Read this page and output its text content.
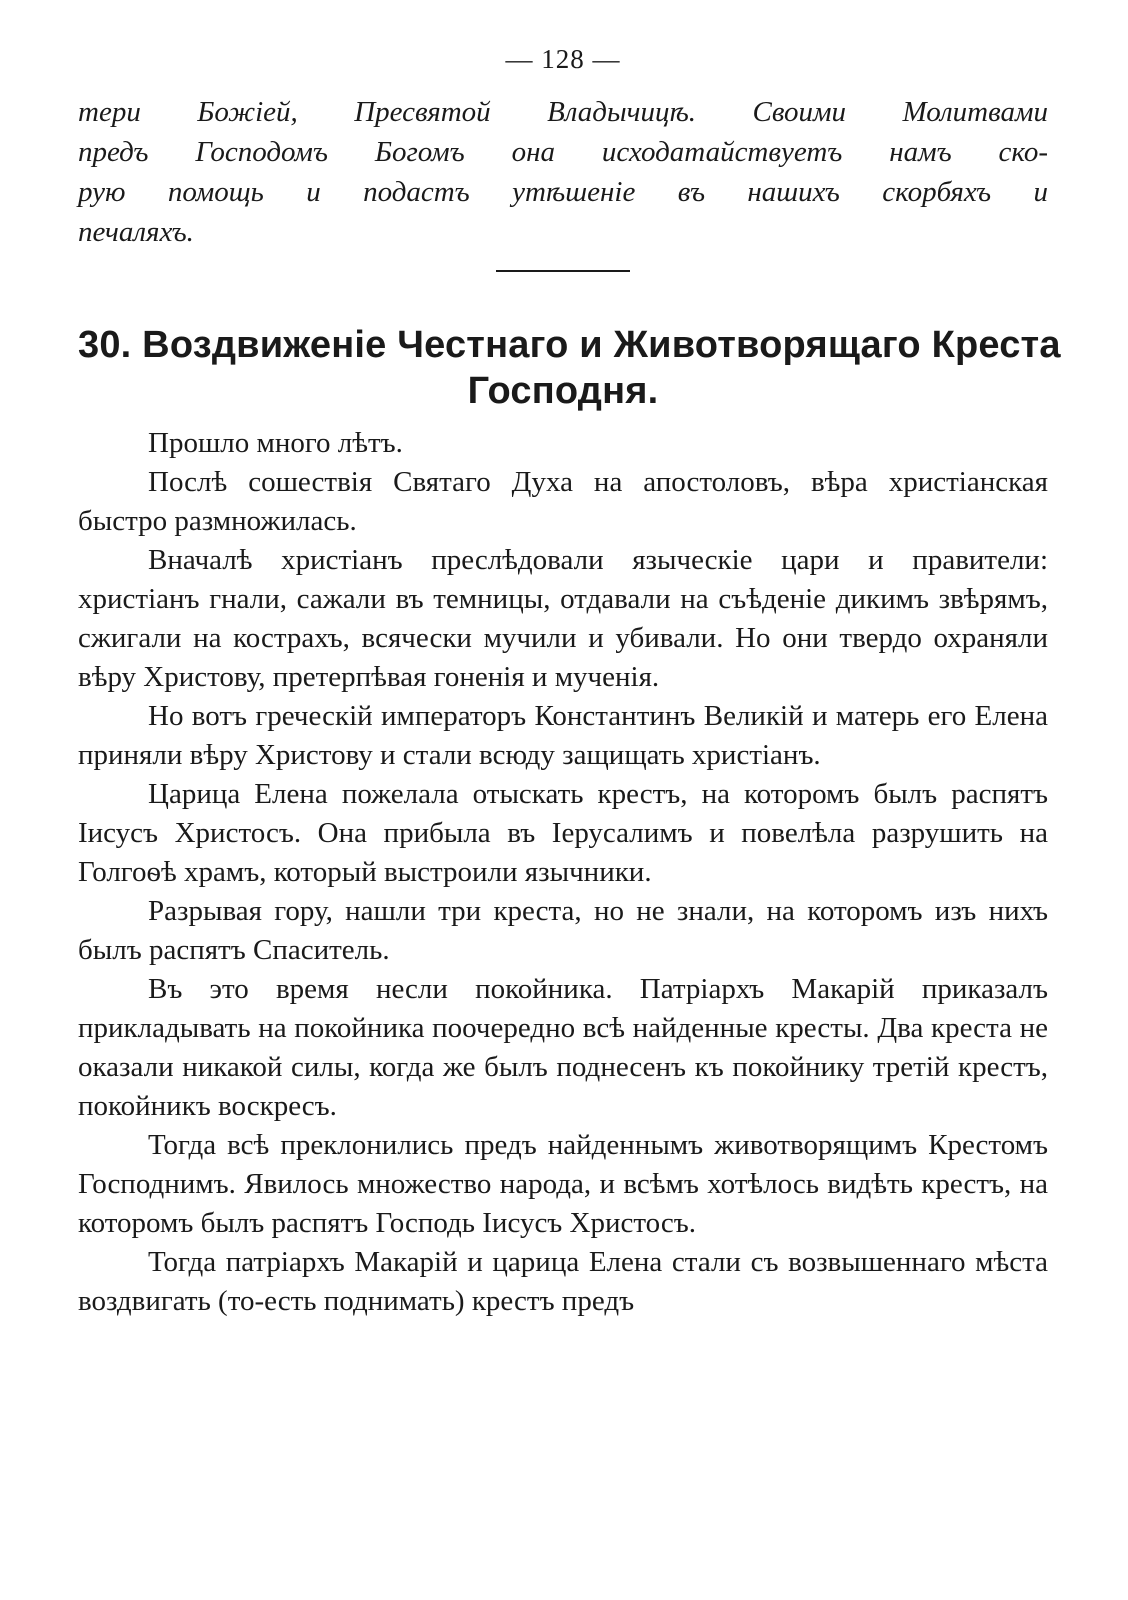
— 128 —

тери Божіей, Пресвятой Владычицѣ. Своими Молитвами

предъ Господомъ Богомъ она исходатайствуетъ намъ ско-

рую помощь и подастъ утѣшеніе въ нашихъ скорбяхъ и

печаляхъ.

30. Воздвиженіе Честнаго и Животворящаго Креста
Господня.

Прошло много лѣтъ.

Послѣ сошествія Святаго Духа на апостоловъ, вѣра христіанская быстро размножилась.

Вначалѣ христіанъ преслѣдовали языческіе цари и правители: христіанъ гнали, сажали въ темницы, отдавали на съѣденіе дикимъ звѣрямъ, сжигали на кострахъ, всячески мучили и убивали. Но они твердо охраняли вѣру Христову, претерпѣвая гоненія и мученія.

Но вотъ греческій императоръ Константинъ Великій и матерь его Елена приняли вѣру Христову и стали всюду защищать христіанъ.

Царица Елена пожелала отыскать крестъ, на которомъ былъ распятъ Іисусъ Христосъ. Она прибыла въ Іерусалимъ и повелѣла разрушить на Голгоѳѣ храмъ, который выстроили язычники.

Разрывая гору, нашли три креста, но не знали, на которомъ изъ нихъ былъ распятъ Спаситель.

Въ это время несли покойника. Патріархъ Макарій приказалъ прикладывать на покойника поочередно всѣ найденные кресты. Два креста не оказали никакой силы, когда же былъ поднесенъ къ покойнику третій крестъ, покойникъ воскресъ.

Тогда всѣ преклонились предъ найденнымъ животворящимъ Крестомъ Господнимъ. Явилось множество народа, и всѣмъ хотѣлось видѣть крестъ, на которомъ былъ распятъ Господь Іисусъ Христосъ.

Тогда патріархъ Макарій и царица Елена стали съ возвышеннаго мѣста воздвигать (то-есть поднимать) крестъ предъ
